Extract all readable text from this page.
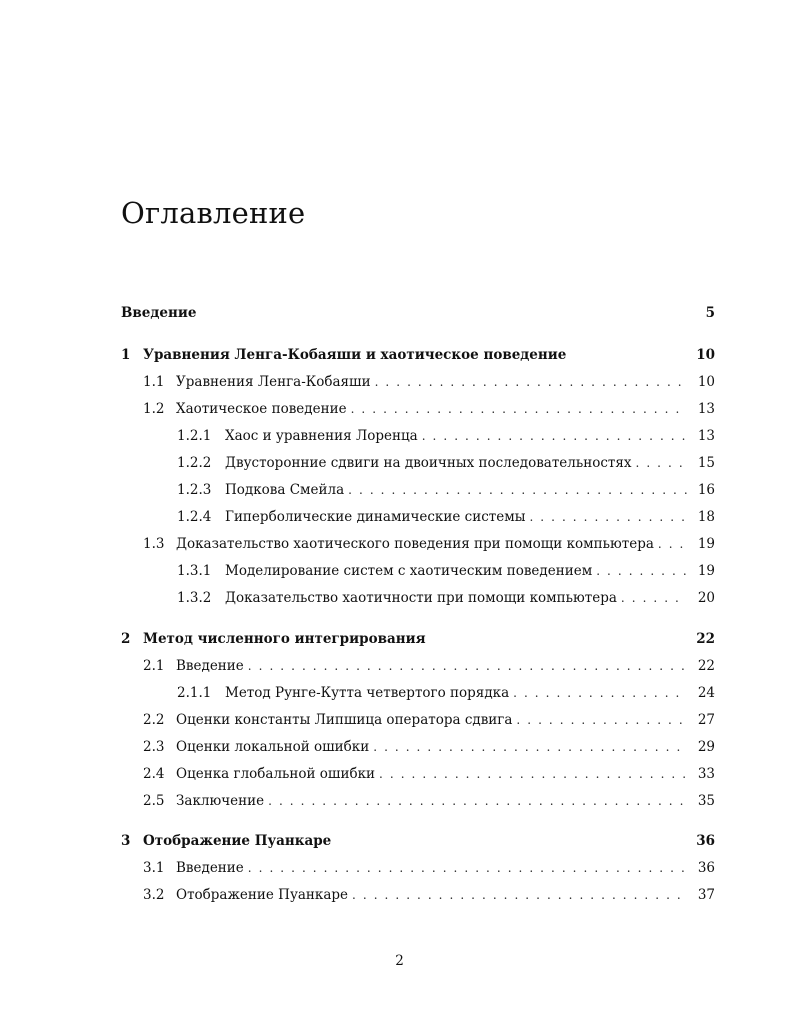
Оглавление
Введение	5
1 Уравнения Ленга-Кобаяши и хаотическое поведение	10
1.1 Уравнения Ленга-Кобаяши . . .	10
1.2 Хаотическое поведение . . .	13
1.2.1	Хаос и уравнения Лоренца . . .	13
1.2.2	Двусторонние сдвиги на двоичных последовательностях . . .	15
1.2.3	Подкова Смейла . . .	16
1.2.4	Гиперболические динамические системы . . .	18
1.3 Доказательство хаотического поведения при помощи компьютера . . .	19
1.3.1	Моделирование систем с хаотическим поведением . . .	19
1.3.2	Доказательство хаотичности при помощи компьютера . . .	20
2 Метод численного интегрирования	22
2.1 Введение . . .	22
2.1.1	Метод Рунге-Кутта четвертого порядка . . .	24
2.2 Оценки константы Липшица оператора сдвига . . .	27
2.3 Оценки локальной ошибки . . .	29
2.4 Оценка глобальной ошибки . . .	33
2.5 Заключение . . .	35
3 Отображение Пуанкаре	36
3.1 Введение . . .	36
3.2 Отображение Пуанкаре . . .	37
2
